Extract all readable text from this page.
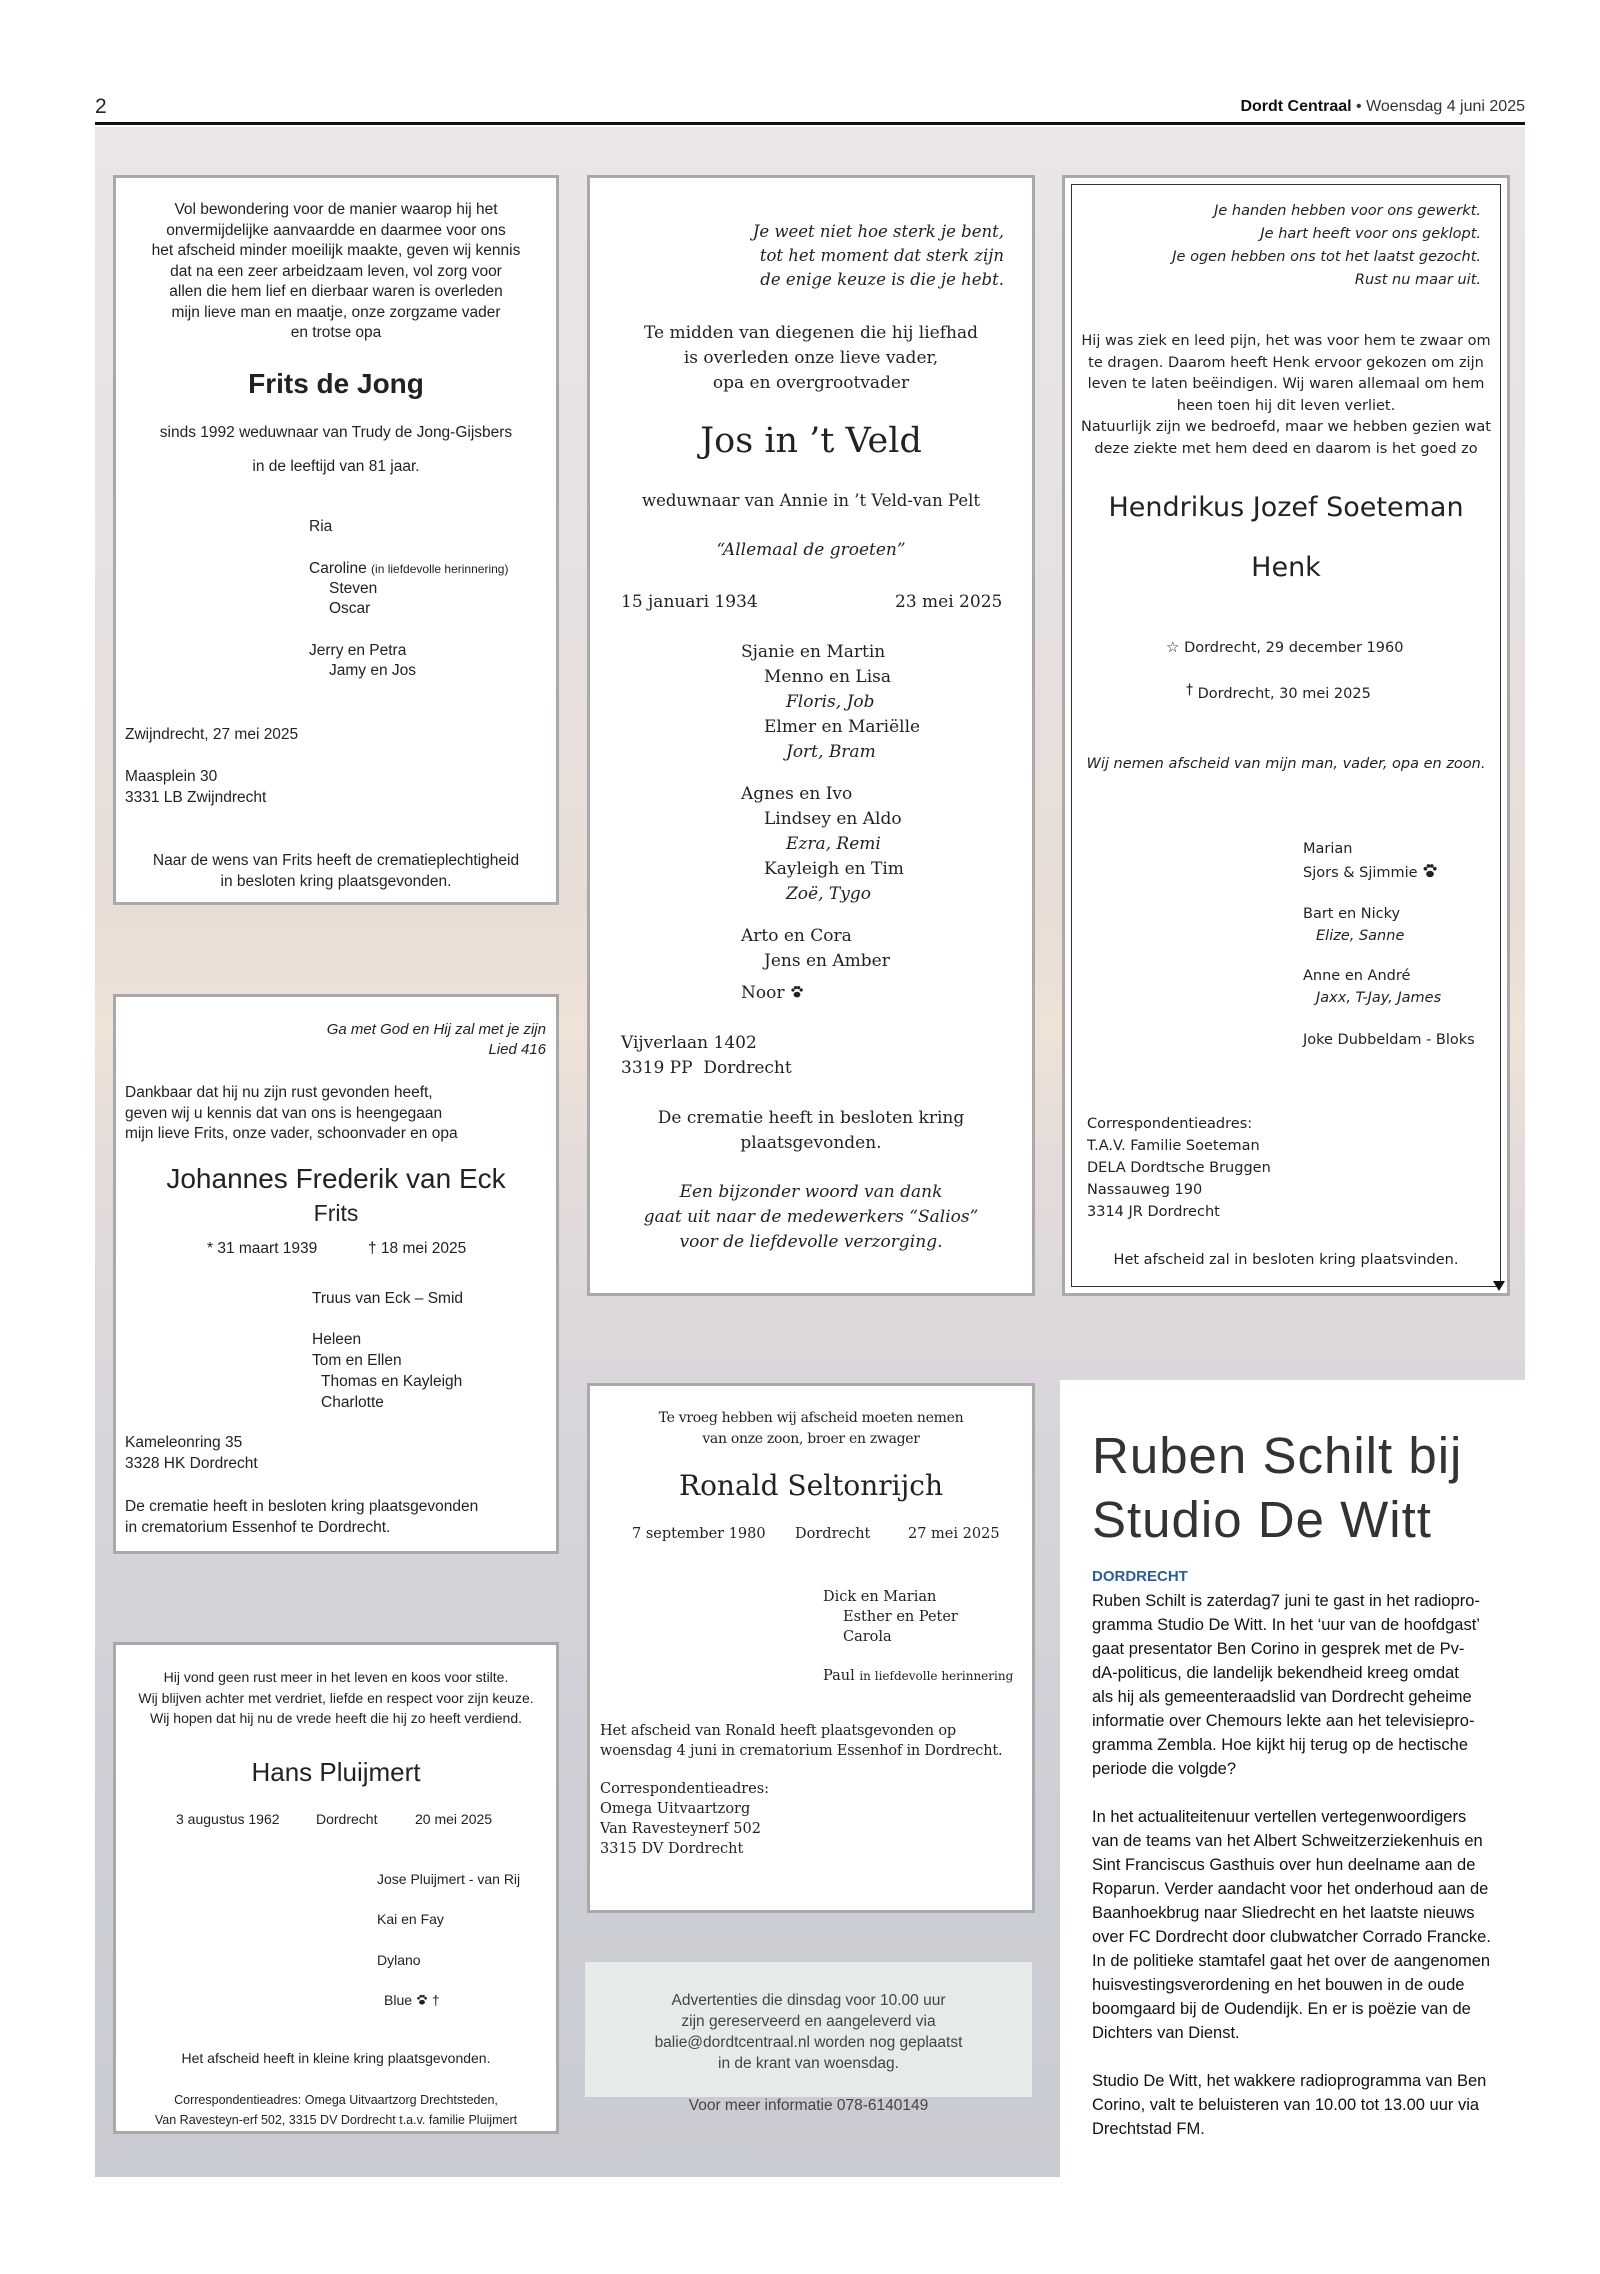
2	Dordt Centraal • Woensdag 4 juni 2025
Vol bewondering voor de manier waarop hij het
onvermijdelijke aanvaardde en daarmee voor ons
het afscheid minder moeilijk maakte, geven wij kennis
dat na een zeer arbeidzaam leven, vol zorg voor
allen die hem lief en dierbaar waren is overleden
mijn lieve man en maatje, onze zorgzame vader
en trotse opa
Frits de Jong
sinds 1992 weduwnaar van Trudy de Jong-Gijsbers
in de leeftijd van 81 jaar.
Ria
Caroline (in liefdevolle herinnering)
Steven
Oscar
Jerry en Petra
Jamy en Jos
Zwijndrecht, 27 mei 2025
Maasplein 30
3331 LB Zwijndrecht
Naar de wens van Frits heeft de crematieplechtigheid
in besloten kring plaatsgevonden.
Je weet niet hoe sterk je bent,
tot het moment dat sterk zijn
de enige keuze is die je hebt.
Te midden van diegenen die hij liefhad
is overleden onze lieve vader,
opa en overgrootvader
Jos in ’t Veld
weduwnaar van Annie in ’t Veld-van Pelt
“Allemaal de groeten”
15 januari 1934	23 mei 2025
Sjanie en Martin
Menno en Lisa
Floris, Job
Elmer en Mariëlle
Jort, Bram
Agnes en Ivo
Lindsey en Aldo
Ezra, Remi
Kayleigh en Tim
Zoë, Tygo
Arto en Cora
Jens en Amber
Noor
Vijverlaan 1402
3319 PP  Dordrecht
De crematie heeft in besloten kring
plaatsgevonden.
Een bijzonder woord van dank
gaat uit naar de medewerkers “Salios”
voor de liefdevolle verzorging.
Je handen hebben voor ons gewerkt.
Je hart heeft voor ons geklopt.
Je ogen hebben ons tot het laatst gezocht.
Rust nu maar uit.
Hij was ziek en leed pijn, het was voor hem te zwaar om
te dragen. Daarom heeft Henk ervoor gekozen om zijn
leven te laten beëindigen. Wij waren allemaal om hem
heen toen hij dit leven verliet.
Natuurlijk zijn we bedroefd, maar we hebben gezien wat
deze ziekte met hem deed en daarom is het goed zo
Hendrikus Jozef Soeteman
Henk
☆ Dordrecht, 29 december 1960
† Dordrecht, 30 mei 2025
Wij nemen afscheid van mijn man, vader, opa en zoon.
Marian
Sjors & Sjimmie
Bart en Nicky
Elize, Sanne
Anne en André
Jaxx, T-Jay, James
Joke Dubbeldam - Bloks
Correspondentieadres:
T.A.V. Familie Soeteman
DELA Dordtsche Bruggen
Nassauweg 190
3314 JR Dordrecht
Het afscheid zal in besloten kring plaatsvinden.
Ga met God en Hij zal met je zijn
Lied 416
Dankbaar dat hij nu zijn rust gevonden heeft,
geven wij u kennis dat van ons is heengegaan
mijn lieve Frits, onze vader, schoonvader en opa
Johannes Frederik van Eck
Frits
* 31 maart 1939	† 18 mei 2025
Truus van Eck – Smid
Heleen
Tom en Ellen
Thomas en Kayleigh
Charlotte
Kameleonring 35
3328 HK Dordrecht
De crematie heeft in besloten kring plaatsgevonden
in crematorium Essenhof te Dordrecht.
Te vroeg hebben wij afscheid moeten nemen
van onze zoon, broer en zwager
Ronald Seltonrijch
7 september 1980 Dordrecht	27 mei 2025
Dick en Marian
Esther en Peter
Carola
Paul in liefdevolle herinnering
Het afscheid van Ronald heeft plaatsgevonden op
woensdag 4 juni in crematorium Essenhof in Dordrecht.
Correspondentieadres:
Omega Uitvaartzorg
Van Ravesteynerf 502
3315 DV Dordrecht
Hij vond geen rust meer in het leven en koos voor stilte.
Wij blijven achter met verdriet, liefde en respect voor zijn keuze.
Wij hopen dat hij nu de vrede heeft die hij zo heeft verdiend.
Hans Pluijmert
3 augustus 1962	Dordrecht	20 mei 2025
Jose Pluijmert - van Rij
Kai en Fay
Dylano
Blue †
Het afscheid heeft in kleine kring plaatsgevonden.
Correspondentieadres: Omega Uitvaartzorg Drechtsteden,
Van Ravesteyn-erf 502, 3315 DV Dordrecht t.a.v. familie Pluijmert
Advertenties die dinsdag voor 10.00 uur
zijn gereserveerd en aangeleverd via
balie@dordtcentraal.nl worden nog geplaatst
in de krant van woensdag.
Voor meer informatie 078-6140149
Ruben Schilt bij Studio De Witt
DORDRECHT
Ruben Schilt is zaterdag7 juni te gast in het radiopro-
gramma Studio De Witt. In het ‘uur van de hoofdgast’
gaat presentator Ben Corino in gesprek met de Pv-
dA-politicus, die landelijk bekendheid kreeg omdat
als hij als gemeenteraadslid van Dordrecht geheime
informatie over Chemours lekte aan het televisiepro-
gramma Zembla. Hoe kijkt hij terug op de hectische
periode die volgde?

In het actualiteitenuur vertellen vertegenwoordigers
van de teams van het Albert Schweitzerziekenhuis en
Sint Franciscus Gasthuis over hun deelname aan de
Roparun. Verder aandacht voor het onderhoud aan de
Baanhoekbrug naar Sliedrecht en het laatste nieuws
over FC Dordrecht door clubwatcher Corrado Francke.
In de politieke stamtafel gaat het over de aangenomen
huisvestingsverordening en het bouwen in de oude
boomgaard bij de Oudendijk. En er is poëzie van de
Dichters van Dienst.

Studio De Witt, het wakkere radioprogramma van Ben
Corino, valt te beluisteren van 10.00 tot 13.00 uur via
Drechtstad FM.
